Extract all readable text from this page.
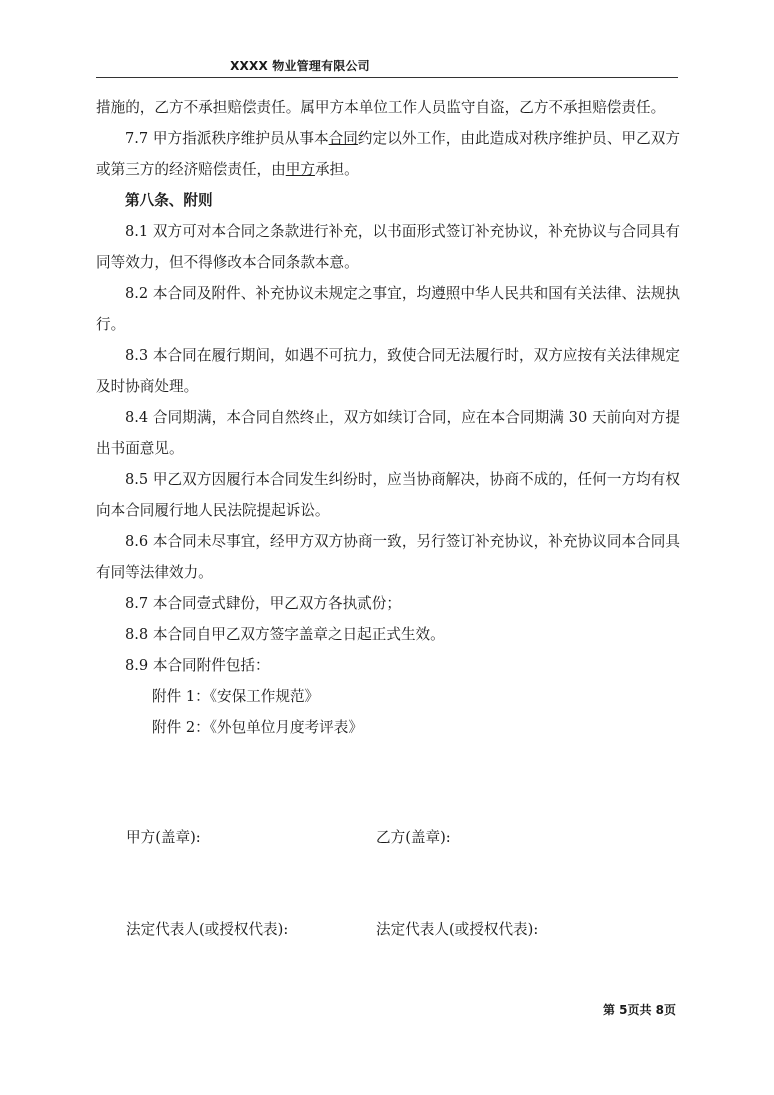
XXXX 物业管理有限公司

措施的，乙方不承担赔偿责任。属甲方本单位工作人员监守自盗，乙方不承担赔偿责任。

7.7 甲方指派秩序维护员从事本合同约定以外工作，由此造成对秩序维护员、甲乙双方或第三方的经济赔偿责任，由甲方承担。

第八条、附则

8.1 双方可对本合同之条款进行补充，以书面形式签订补充协议，补充协议与合同具有同等效力，但不得修改本合同条款本意。

8.2 本合同及附件、补充协议未规定之事宜，均遵照中华人民共和国有关法律、法规执行。

8.3 本合同在履行期间，如遇不可抗力，致使合同无法履行时，双方应按有关法律规定及时协商处理。

8.4 合同期满，本合同自然终止，双方如续订合同，应在本合同期满 30 天前向对方提出书面意见。

8.5 甲乙双方因履行本合同发生纠纷时，应当协商解决，协商不成的，任何一方均有权向本合同履行地人民法院提起诉讼。

8.6 本合同未尽事宜，经甲方双方协商一致，另行签订补充协议，补充协议同本合同具有同等法律效力。

8.7 本合同壹式肆份，甲乙双方各执贰份；

8.8 本合同自甲乙双方签字盖章之日起正式生效。

8.9 本合同附件包括：

附件 1：《安保工作规范》

附件 2：《外包单位月度考评表》

甲方(盖章):	乙方(盖章):
法定代表人(或授权代表):	法定代表人(或授权代表):
第 5页共 8页
